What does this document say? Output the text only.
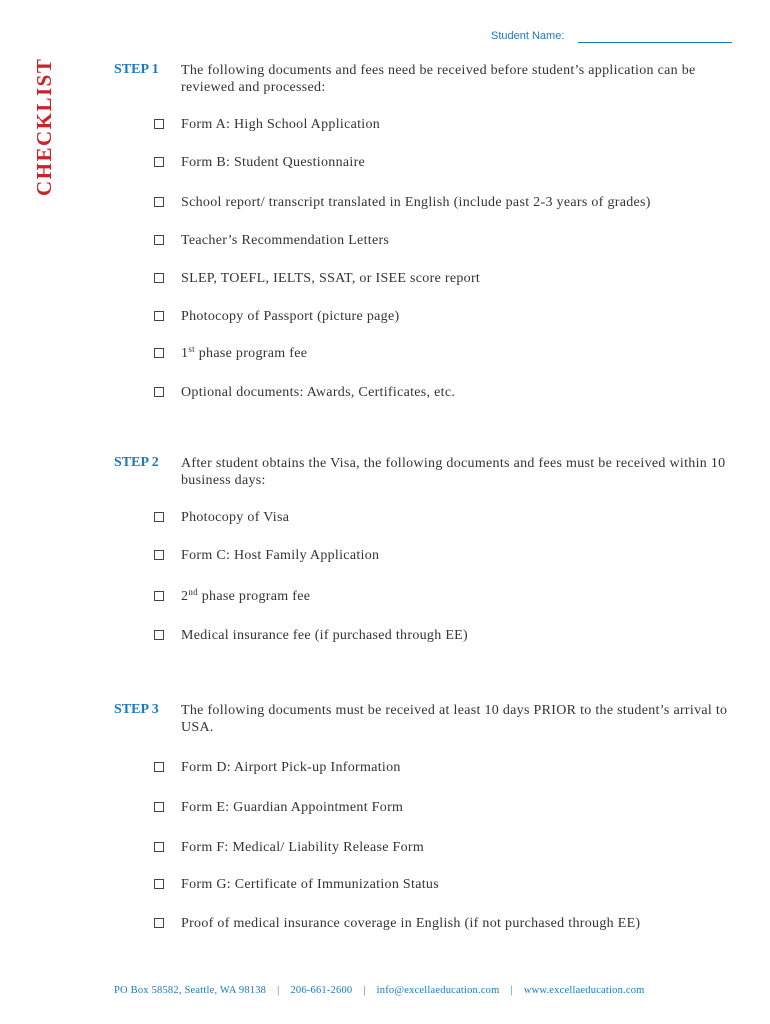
Student Name:
CHECKLIST	STEP 1 The following documents and fees need be received before student’s application can be reviewed and processed:
Form A: High School Application
Form B: Student Questionnaire
School report/ transcript translated in English (include past 2-3 years of grades)
Teacher’s Recommendation Letters
SLEP, TOEFL, IELTS, SSAT, or ISEE score report
Photocopy of Passport (picture page)
1st phase program fee
Optional documents: Awards, Certificates, etc.
STEP 2 After student obtains the Visa, the following documents and fees must be received within 10 business days:
Photocopy of Visa
Form C: Host Family Application
2nd phase program fee
Medical insurance fee (if purchased through EE)
STEP 3 The following documents must be received at least 10 days PRIOR to the student’s arrival to USA.
Form D: Airport Pick-up Information
Form E: Guardian Appointment Form
Form F: Medical/ Liability Release Form
Form G: Certificate of Immunization Status
Proof of medical insurance coverage in English (if not purchased through EE)
PO Box 58582, Seattle, WA 98138 | 206-661-2600 | info@excellaeducation.com | www.excellaeducation.com
